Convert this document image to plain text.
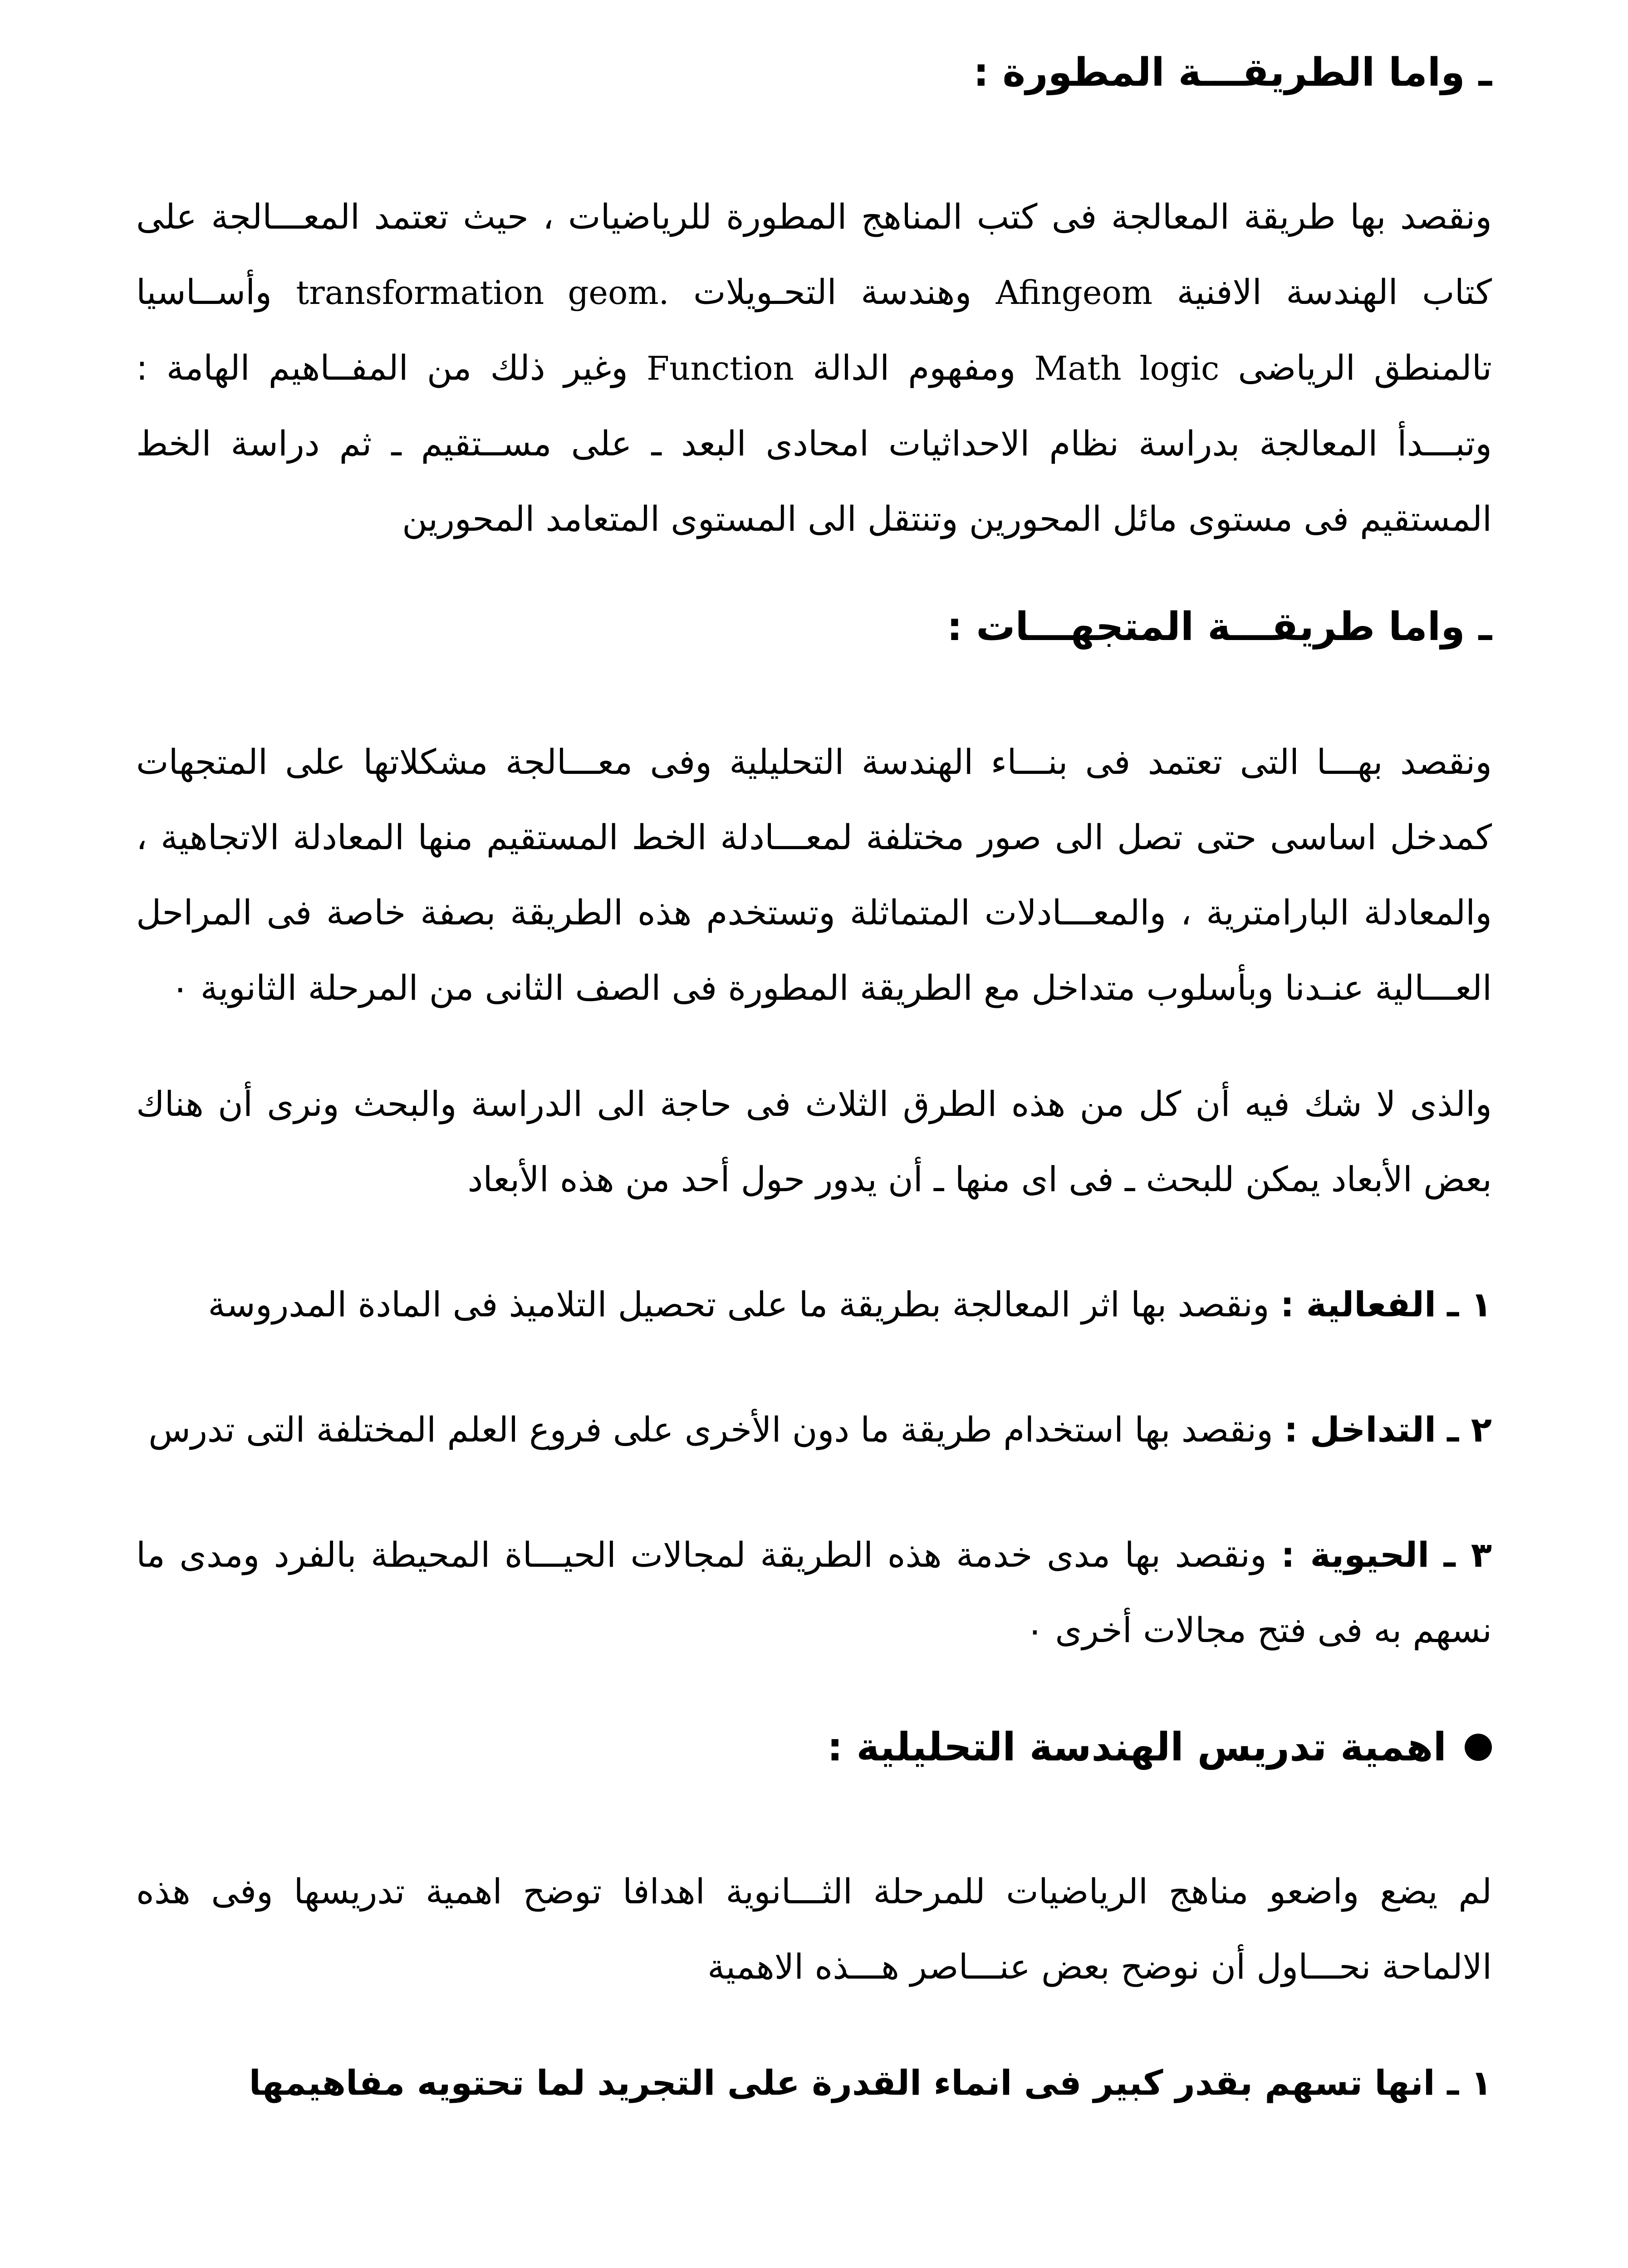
ـ واما الطريقـــة المطورة :

ونقصد بها طريقة المعالجة فى كتب المناهج المطورة للرياضيات ، حيث تعتمد المعـــالجة على كتاب الهندسة الافنية Afingeom وهندسة التحـويلات transformation geom. وأســاسيا تالمنطق الرياضى Math logic ومفهوم الدالة Function وغير ذلك من المفــاهيم الهامة : وتبـــدأ المعالجة بدراسة نظام الاحداثيات امحادى البعد ـ على مســتقيم ـ ثم دراسة الخط المستقيم فى مستوى مائل المحورين وتنتقل الى المستوى المتعامد المحورين

ـ واما طريقـــة المتجهـــات :

ونقصد بهـــا التى تعتمد فى بنـــاء الهندسة التحليلية وفى معـــالجة مشكلاتها على المتجهات كمدخل اساسى حتى تصل الى صور مختلفة لمعـــادلة الخط المستقيم منها المعادلة الاتجاهية ، والمعادلة البارامترية ، والمعـــادلات المتماثلة وتستخدم هذه الطريقة بصفة خاصة فى المراحل العـــالية عنـدنا وبأسلوب متداخل مع الطريقة المطورة فى الصف الثانى من المرحلة الثانوية ٠

والذى لا شك فيه أن كل من هذه الطرق الثلاث فى حاجة الى الدراسة والبحث ونرى أن هناك بعض الأبعاد يمكن للبحث ـ فى اى منها ـ أن يدور حول أحد من هذه الأبعاد

١ ـ الفعالية : ونقصد بها اثر المعالجة بطريقة ما على تحصيل التلاميذ فى المادة المدروسة

٢ ـ التداخل : ونقصد بها استخدام طريقة ما دون الأخرى على فروع العلم المختلفة التى تدرس

٣ ـ الحيوية : ونقصد بها مدى خدمة هذه الطريقة لمجالات الحيـــاة المحيطة بالفرد ومدى ما نسهم به فى فتح مجالات أخرى ٠

اهمية تدريس الهندسة التحليلية :

لم يضع واضعو مناهج الرياضيات للمرحلة الثـــانوية اهدافا توضح اهمية تدريسها وفى هذه الالماحة نحـــاول أن نوضح بعض عنـــاصر هـــذه الاهمية

١ ـ انها تسهم بقدر كبير فى انماء القدرة على التجريد لما تحتويه مفاهيمها
